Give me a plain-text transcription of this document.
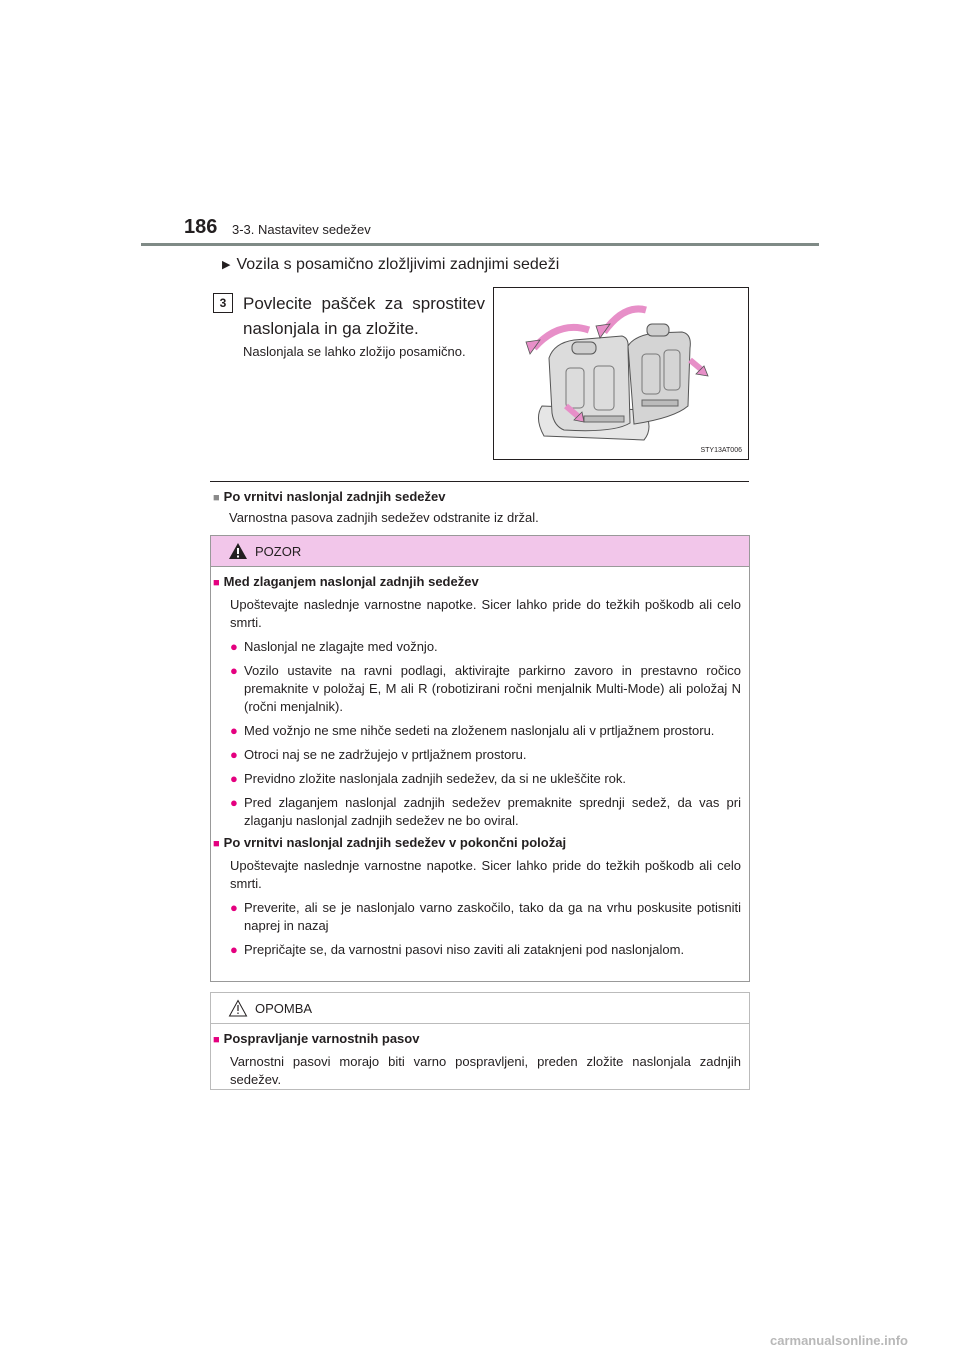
186 3-3. Nastavitev sedežev
▶ Vozila s posamično zložljivimi zadnjimi sedeži
3 Povlecite pašček za sprostitev naslonjala in ga zložite.
Naslonjala se lahko zložijo posamično.
STY13AT006
■ Po vrnitvi naslonjal zadnjih sedežev
Varnostna pasova zadnjih sedežev odstranite iz držal.
POZOR
■ Med zlaganjem naslonjal zadnjih sedežev
Upoštevajte naslednje varnostne napotke. Sicer lahko pride do težkih poškodb ali celo smrti.
● Naslonjal ne zlagajte med vožnjo.
● Vozilo ustavite na ravni podlagi, aktivirajte parkirno zavoro in prestavno ročico premaknite v položaj E, M ali R (robotizirani ročni menjalnik Multi-Mode) ali položaj N (ročni menjalnik).
● Med vožnjo ne sme nihče sedeti na zloženem naslonjalu ali v prtljažnem prostoru.
● Otroci naj se ne zadržujejo v prtljažnem prostoru.
● Previdno zložite naslonjala zadnjih sedežev, da si ne ukleščite rok.
● Pred zlaganjem naslonjal zadnjih sedežev premaknite sprednji sedež, da vas pri zlaganju naslonjal zadnjih sedežev ne bo oviral.
■ Po vrnitvi naslonjal zadnjih sedežev v pokončni položaj
Upoštevajte naslednje varnostne napotke. Sicer lahko pride do težkih poškodb ali celo smrti.
● Preverite, ali se je naslonjalo varno zaskočilo, tako da ga na vrhu poskusite potisniti naprej in nazaj
● Prepričajte se, da varnostni pasovi niso zaviti ali zataknjeni pod naslonjalom.
OPOMBA
■ Pospravljanje varnostnih pasov
Varnostni pasovi morajo biti varno pospravljeni, preden zložite naslonjala zadnjih sedežev.
carmanualsonline.info
